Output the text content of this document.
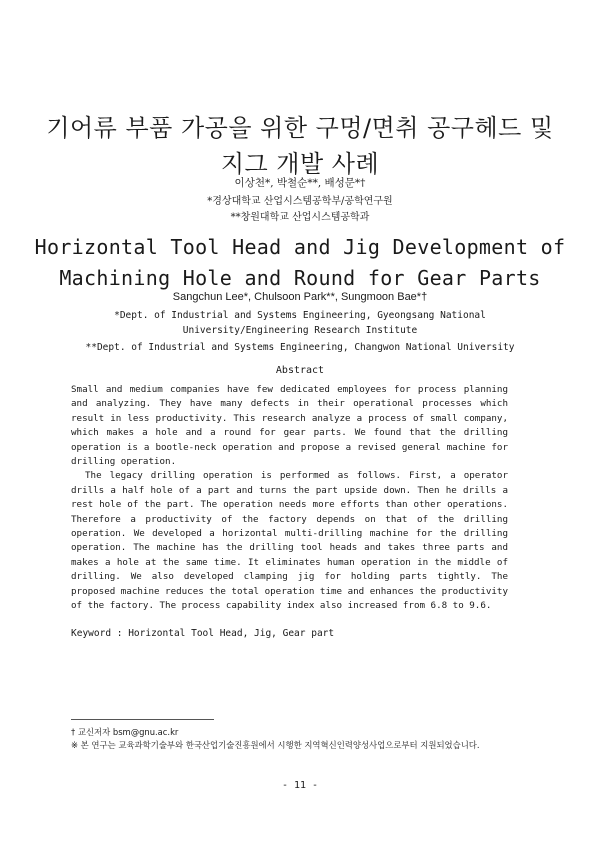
기어류 부품 가공을 위한 구멍/면취 공구헤드 및 지그 개발 사례
이상천*, 박철순**, 배성문*†
*경상대학교 산업시스템공학부/공학연구원
**창원대학교 산업시스템공학과
Horizontal Tool Head and Jig Development of Machining Hole and Round for Gear Parts
Sangchun Lee*, Chulsoon Park**, Sungmoon Bae*†
*Dept. of Industrial and Systems Engineering, Gyeongsang National University/Engineering Research Institute
**Dept. of Industrial and Systems Engineering, Changwon National University
Abstract

Small and medium companies have few dedicated employees for process planning and analyzing. They have many defects in their operational processes which result in less productivity. This research analyze a process of small company, which makes a hole and a round for gear parts. We found that the drilling operation is a bootle-neck operation and propose a revised general machine for drilling operation.

The legacy drilling operation is performed as follows. First, a operator drills a half hole of a part and turns the part upside down. Then he drills a rest hole of the part. The operation needs more efforts than other operations. Therefore a productivity of the factory depends on that of the drilling operation. We developed a horizontal multi-drilling machine for the drilling operation. The machine has the drilling tool heads and takes three parts and makes a hole at the same time. It eliminates human operation in the middle of drilling. We also developed clamping jig for holding parts tightly. The proposed machine reduces the total operation time and enhances the productivity of the factory. The process capability index also increased from 6.8 to 9.6.

Keyword : Horizontal Tool Head, Jig, Gear part
† 교신저자 bsm@gnu.ac.kr
※ 본 연구는 교육과학기술부와 한국산업기술진흥원에서 시행한 지역혁신인력양성사업으로부터 지원되었습니다.
- 11 -
